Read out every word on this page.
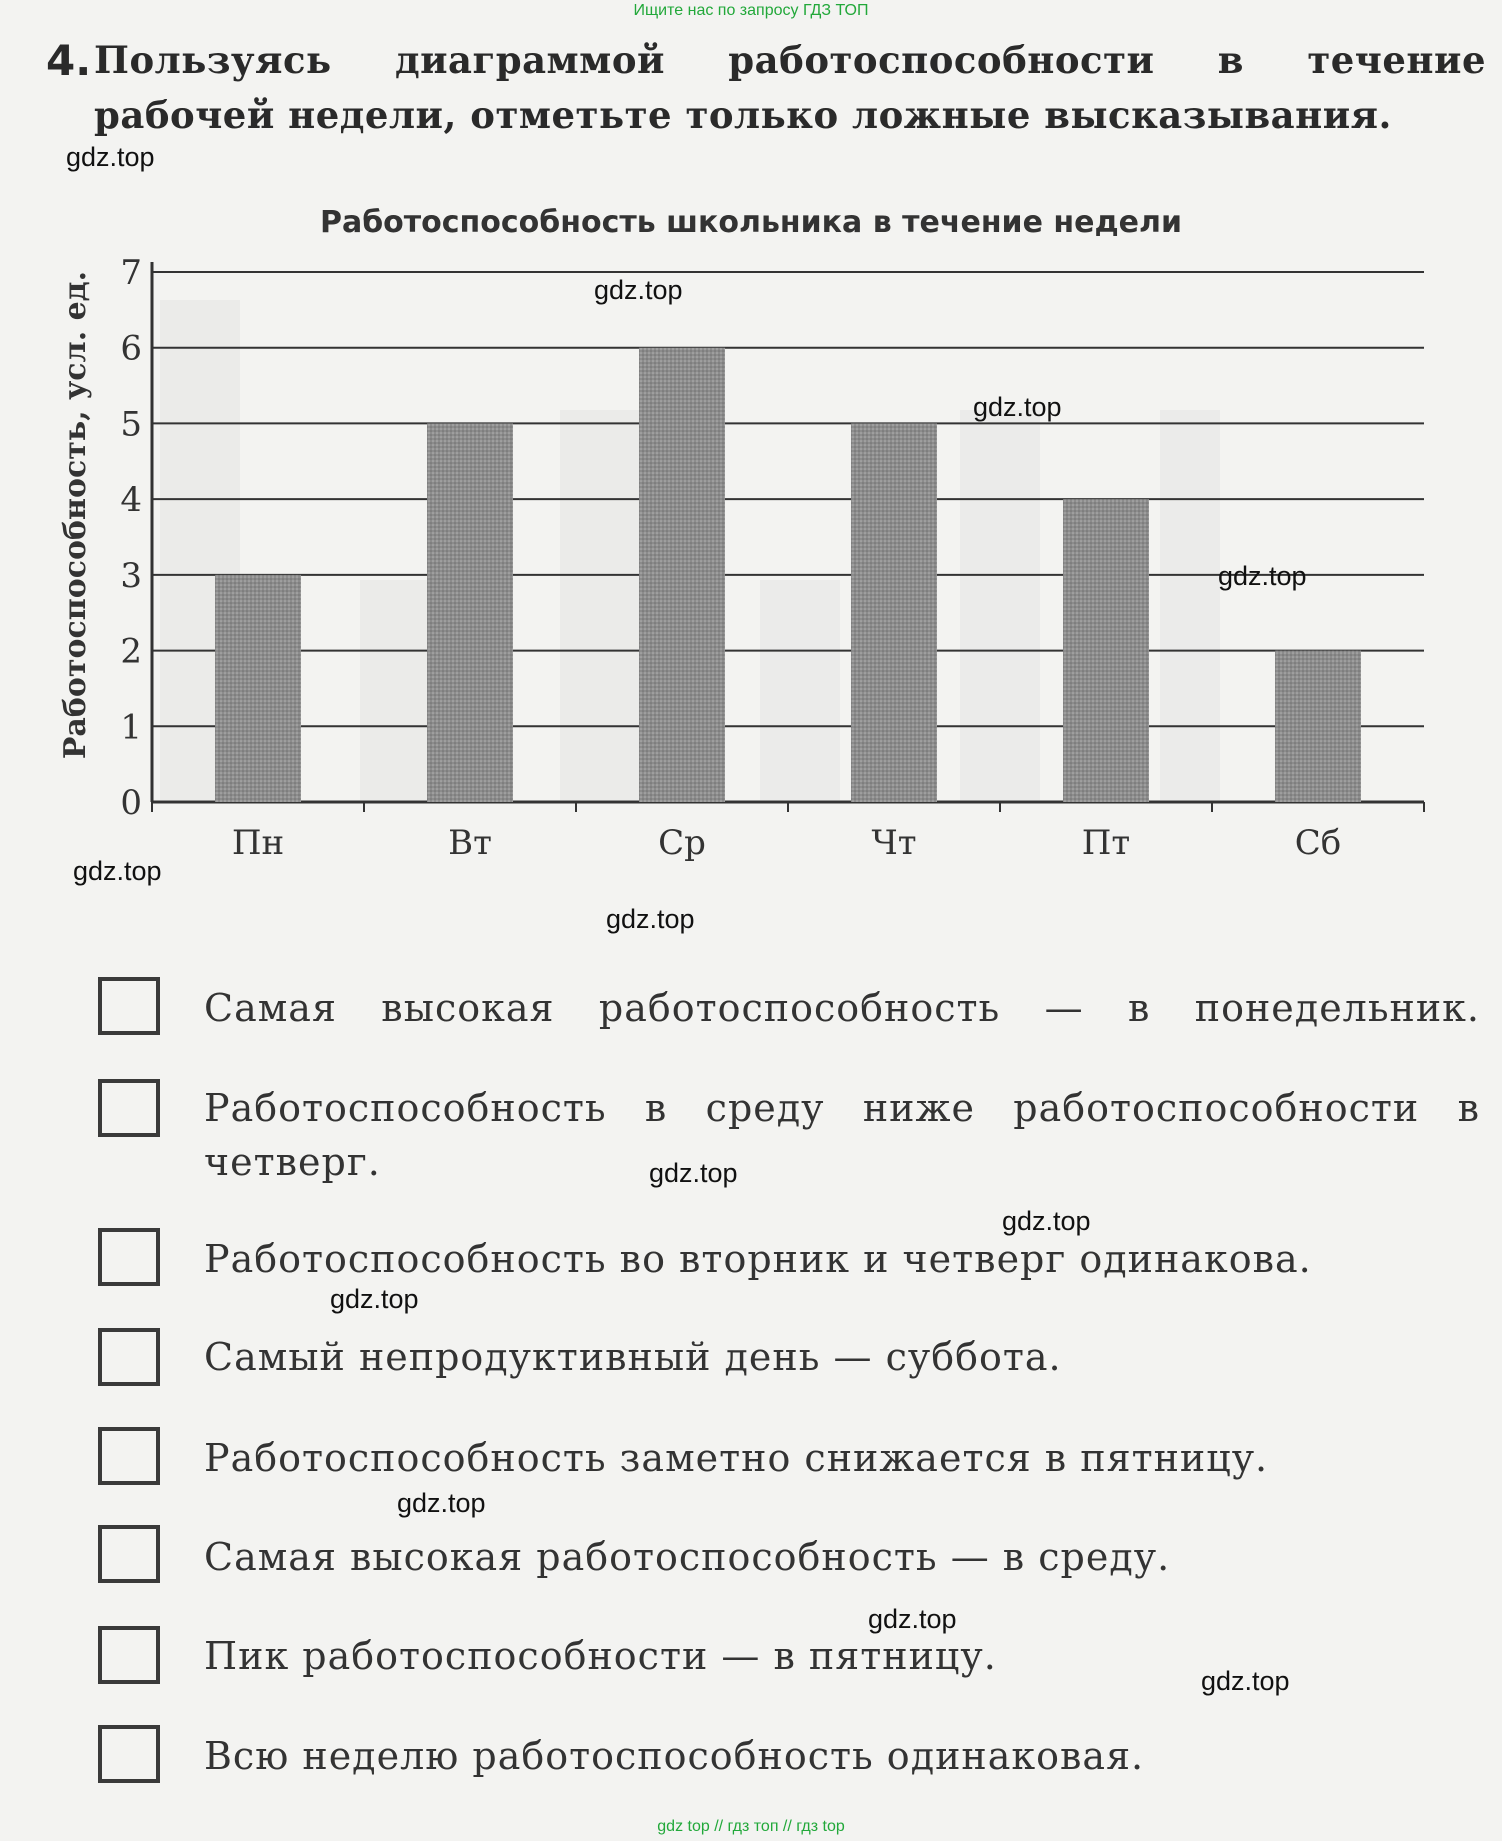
Ищите нас по запросу ГДЗ ТОП
4. Пользуясь диаграммой работоспособности в течение
рабочей недели, отметьте только ложные высказывания.
Работоспособность школьника в течение недели
Работоспособность, усл. ед.
0
1
2
3
4
5
6
7
Пн	Вт	Ср	Чт	Пт	Сб
gdz.top
gdz.top
gdz.top
gdz.top
gdz.top
gdz.top
Самая высокая работоспособность — в понедельник.
Работоспособность в среду ниже работоспособности в
четверг.	gdz.top
gdz.top
Работоспособность во вторник и четверг одинакова.
gdz.top
Самый непродуктивный день — суббота.
Работоспособность заметно снижается в пятницу.
gdz.top
Самая высокая работоспособность — в среду.
gdz.top
Пик работоспособности — в пятницу.
gdz.top
Всю неделю работоспособность одинаковая.
gdz top // гдз топ // гдз top
